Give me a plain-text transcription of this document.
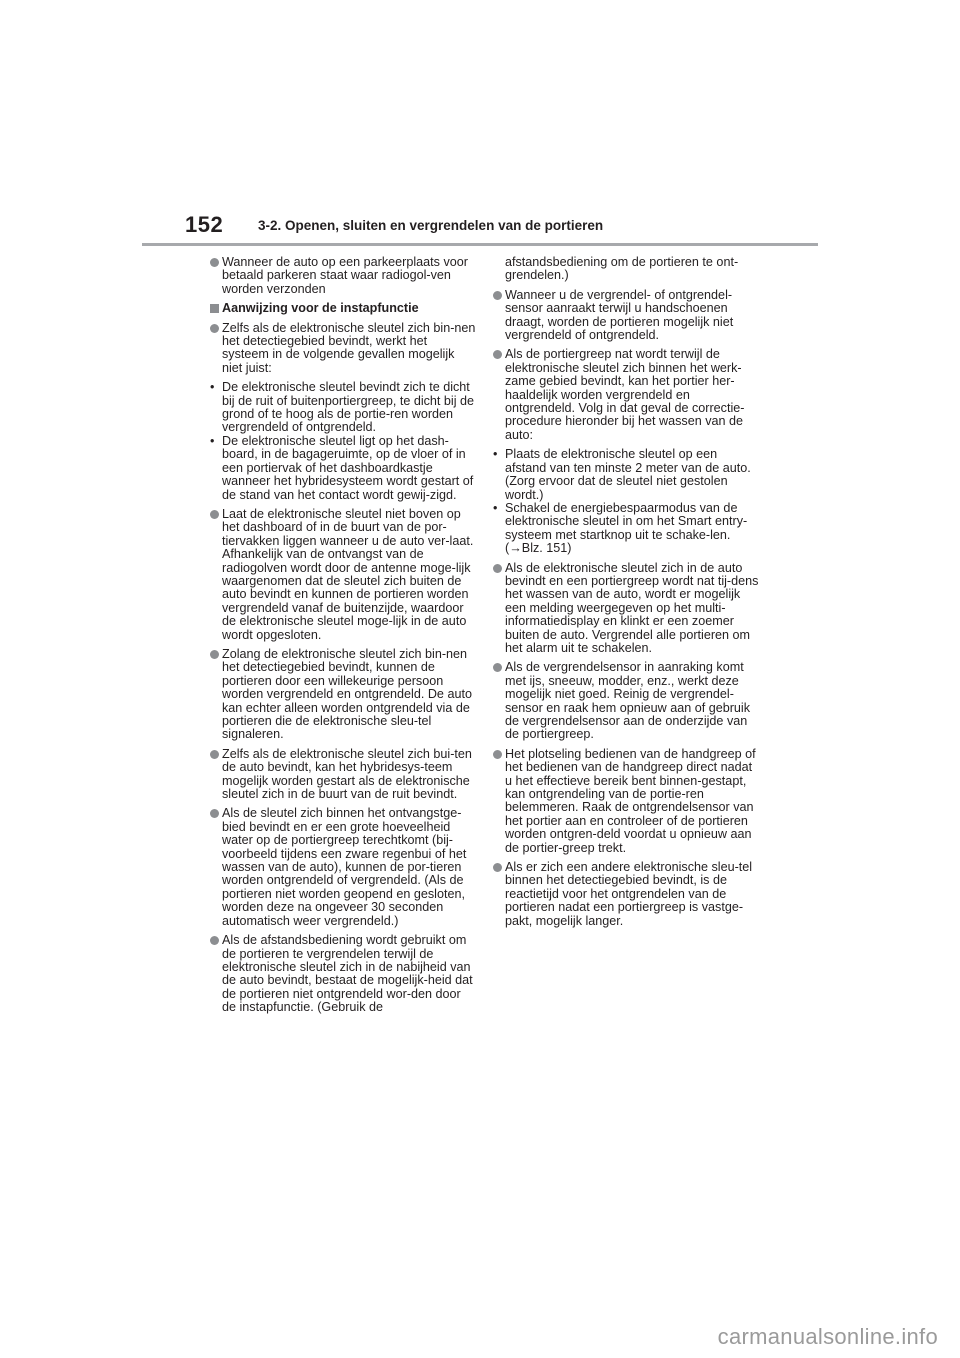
152	3-2. Openen, sluiten en vergrendelen van de portieren
Wanneer de auto op een parkeerplaats voor betaald parkeren staat waar radiogol-ven worden verzonden
Aanwijzing voor de instapfunctie
Zelfs als de elektronische sleutel zich bin-nen het detectiegebied bevindt, werkt het systeem in de volgende gevallen mogelijk niet juist:
• De elektronische sleutel bevindt zich te dicht bij de ruit of buitenportiergreep, te dicht bij de grond of te hoog als de portie-ren worden vergrendeld of ontgrendeld.
• De elektronische sleutel ligt op het dash-board, in de bagageruimte, op de vloer of in een portiervak of het dashboardkastje wanneer het hybridesysteem wordt gestart of de stand van het contact wordt gewij-zigd.
Laat de elektronische sleutel niet boven op het dashboard of in de buurt van de por-tiervakken liggen wanneer u de auto ver-laat. Afhankelijk van de ontvangst van de radiogolven wordt door de antenne moge-lijk waargenomen dat de sleutel zich buiten de auto bevindt en kunnen de portieren worden vergrendeld vanaf de buitenzijde, waardoor de elektronische sleutel moge-lijk in de auto wordt opgesloten.
Zolang de elektronische sleutel zich bin-nen het detectiegebied bevindt, kunnen de portieren door een willekeurige persoon worden vergrendeld en ontgrendeld. De auto kan echter alleen worden ontgrendeld via de portieren die de elektronische sleu-tel signaleren.
Zelfs als de elektronische sleutel zich bui-ten de auto bevindt, kan het hybridesys-teem mogelijk worden gestart als de elektronische sleutel zich in de buurt van de ruit bevindt.
Als de sleutel zich binnen het ontvangstge-bied bevindt en er een grote hoeveelheid water op de portiergreep terechtkomt (bij-voorbeeld tijdens een zware regenbui of het wassen van de auto), kunnen de por-tieren worden ontgrendeld of vergrendeld. (Als de portieren niet worden geopend en gesloten, worden deze na ongeveer 30 seconden automatisch weer vergrendeld.)
Als de afstandsbediening wordt gebruikt om de portieren te vergrendelen terwijl de elektronische sleutel zich in de nabijheid van de auto bevindt, bestaat de mogelijk-heid dat de portieren niet ontgrendeld wor-den door de instapfunctie. (Gebruik de
afstandsbediening om de portieren te ont-grendelen.)
Wanneer u de vergrendel- of ontgrendel-sensor aanraakt terwijl u handschoenen draagt, worden de portieren mogelijk niet vergrendeld of ontgrendeld.
Als de portiergreep nat wordt terwijl de elektronische sleutel zich binnen het werk-zame gebied bevindt, kan het portier her-haaldelijk worden vergrendeld en ontgrendeld. Volg in dat geval de correctie-procedure hieronder bij het wassen van de auto:
• Plaats de elektronische sleutel op een afstand van ten minste 2 meter van de auto. (Zorg ervoor dat de sleutel niet gestolen wordt.)
• Schakel de energiebespaarmodus van de elektronische sleutel in om het Smart entry-systeem met startknop uit te schake-len. (→Blz. 151)
Als de elektronische sleutel zich in de auto bevindt en een portiergreep wordt nat tij-dens het wassen van de auto, wordt er mogelijk een melding weergegeven op het multi-informatiedisplay en klinkt er een zoemer buiten de auto. Vergrendel alle portieren om het alarm uit te schakelen.
Als de vergrendelsensor in aanraking komt met ijs, sneeuw, modder, enz., werkt deze mogelijk niet goed. Reinig de vergrendel-sensor en raak hem opnieuw aan of gebruik de vergrendelsensor aan de onderzijde van de portiergreep.
Het plotseling bedienen van de handgreep of het bedienen van de handgreep direct nadat u het effectieve bereik bent binnen-gestapt, kan ontgrendeling van de portie-ren belemmeren. Raak de ontgrendelsensor van het portier aan en controleer of de portieren worden ontgren-deld voordat u opnieuw aan de portier-greep trekt.
Als er zich een andere elektronische sleu-tel binnen het detectiegebied bevindt, is de reactietijd voor het ontgrendelen van de portieren nadat een portiergreep is vastge-pakt, mogelijk langer.
carmanualsonline.info
